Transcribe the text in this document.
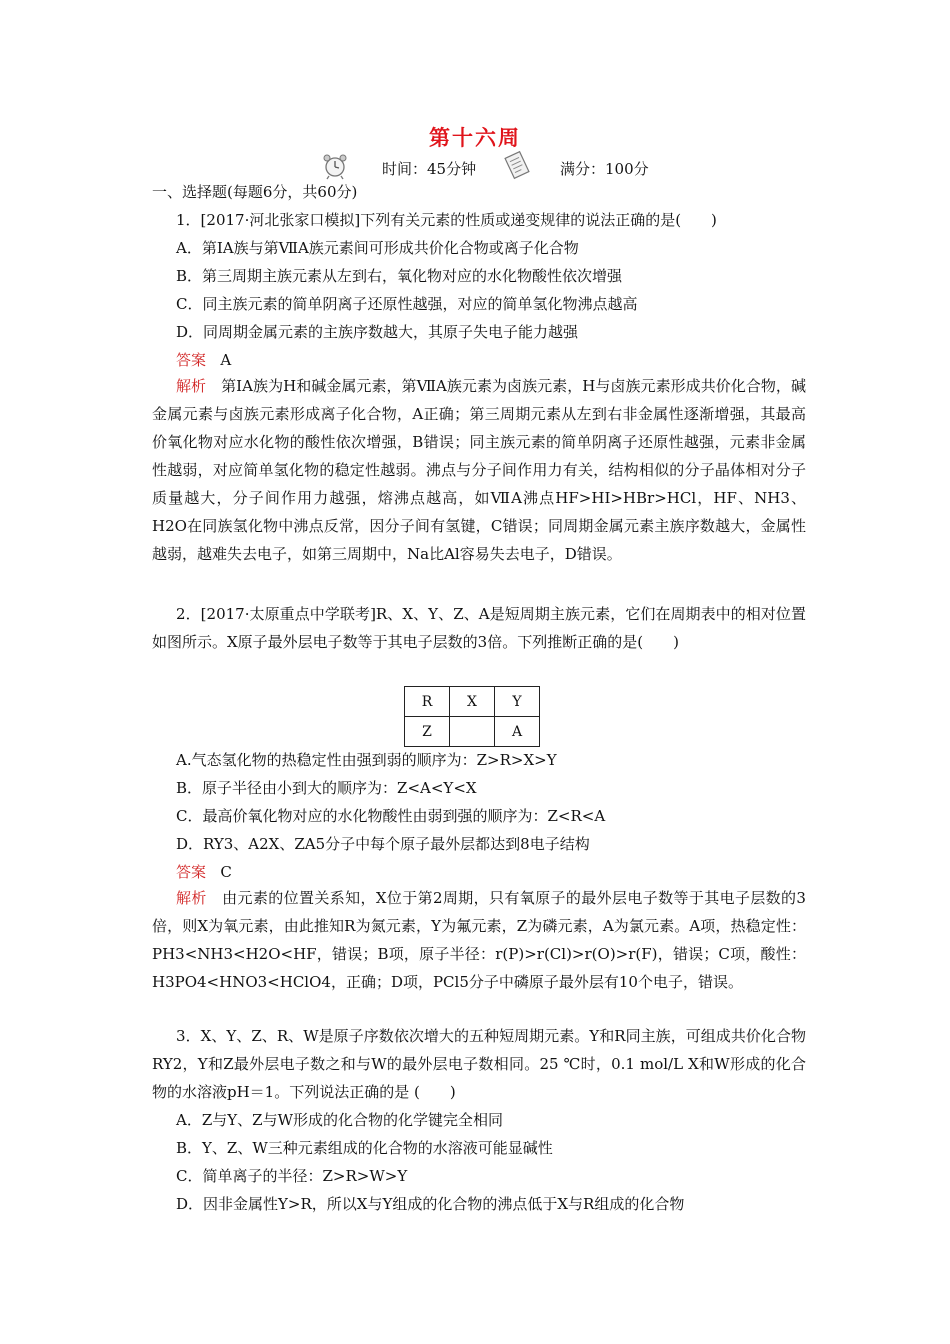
第十六周
时间：45分钟	满分：100分
一、选择题(每题6分，共60分)
1．[2017·河北张家口模拟]下列有关元素的性质或递变规律的说法正确的是(　　)
A．第ⅠA族与第ⅦA族元素间可形成共价化合物或离子化合物
B．第三周期主族元素从左到右，氧化物对应的水化物酸性依次增强
C．同主族元素的简单阴离子还原性越强，对应的简单氢化物沸点越高
D．同周期金属元素的主族序数越大，其原子失电子能力越强
答案 A
解析　 第ⅠA族为H和碱金属元素，第ⅦA族元素为卤族元素，H与卤族元素形成共价化合物，碱金属元素与卤族元素形成离子化合物，A正确；第三周期元素从左到右非金属性逐渐增强，其最高价氧化物对应水化物的酸性依次增强，B错误；同主族元素的简单阴离子还原性越强，元素非金属性越弱，对应简单氢化物的稳定性越弱。沸点与分子间作用力有关，结构相似的分子晶体相对分子质量越大，分子间作用力越强，熔沸点越高，如ⅦA沸点HF>HI>HBr>HCl，HF、NH3、H2O在同族氢化物中沸点反常，因分子间有氢键，C错误；同周期金属元素主族序数越大，金属性越弱，越难失去电子，如第三周期中，Na比Al容易失去电子，D错误。
2．[2017·太原重点中学联考]R、X、Y、Z、A是短周期主族元素，它们在周期表中的相对位置如图所示。X原子最外层电子数等于其电子层数的3倍。下列推断正确的是(　　)
R	X	Y
Z		A
A.气态氢化物的热稳定性由强到弱的顺序为：Z>R>X>Y
B．原子半径由小到大的顺序为：Z<A<Y<X
C．最高价氧化物对应的水化物酸性由弱到强的顺序为：Z<R<A
D．RY3、A2X、ZA5分子中每个原子最外层都达到8电子结构
答案 C
解析　 由元素的位置关系知，X位于第2周期，只有氧原子的最外层电子数等于其电子层数的3倍，则X为氧元素，由此推知R为氮元素，Y为氟元素，Z为磷元素，A为氯元素。A项，热稳定性：PH3<NH3<H2O<HF，错误；B项，原子半径：r(P)>r(Cl)>r(O)>r(F)，错误；C项，酸性：H3PO4<HNO3<HClO4，正确；D项，PCl5分子中磷原子最外层有10个电子，错误。
3．X、Y、Z、R、W是原子序数依次增大的五种短周期元素。Y和R同主族，可组成共价化合物RY2，Y和Z最外层电子数之和与W的最外层电子数相同。25 ℃时，0.1 mol/L X和W形成的化合物的水溶液pH＝1。下列说法正确的是 (　　)
A．Z与Y、Z与W形成的化合物的化学键完全相同
B．Y、Z、W三种元素组成的化合物的水溶液可能显碱性
C．简单离子的半径：Z>R>W>Y
D．因非金属性Y>R，所以X与Y组成的化合物的沸点低于X与R组成的化合物
